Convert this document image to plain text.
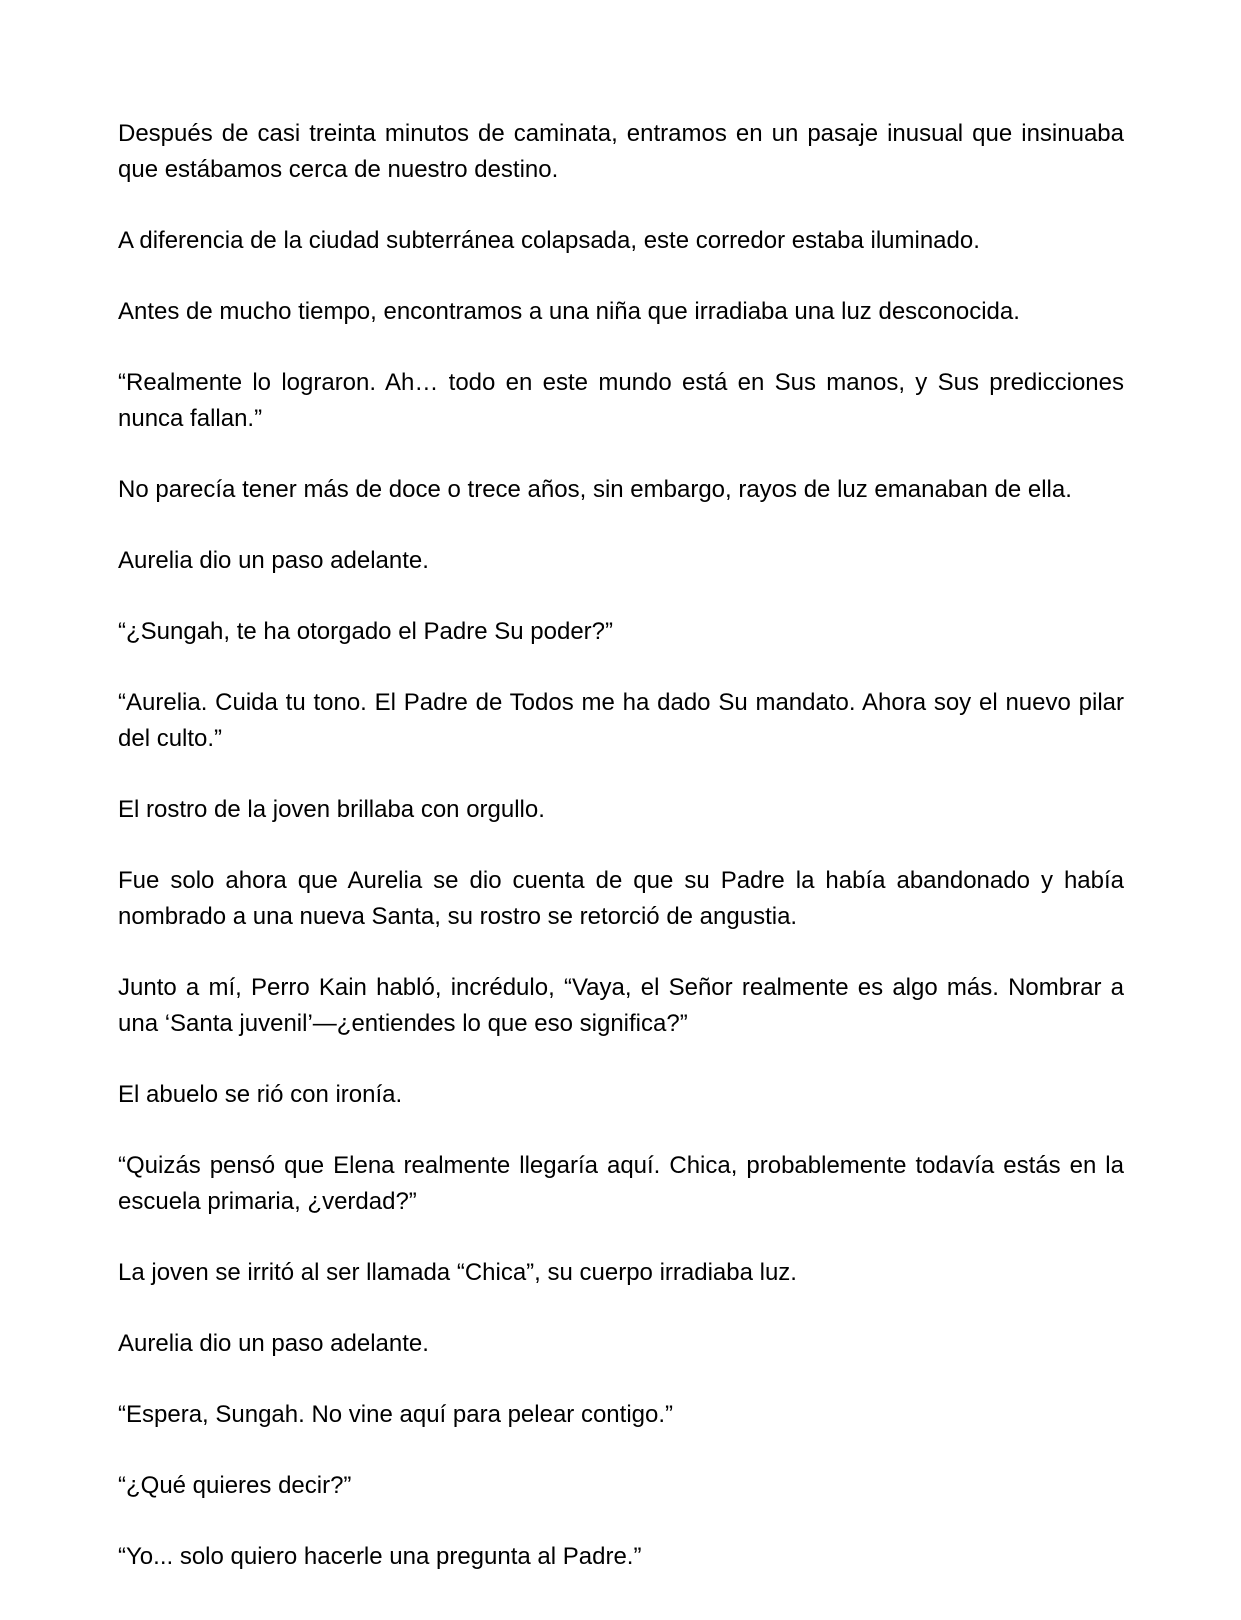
Después de casi treinta minutos de caminata, entramos en un pasaje inusual que insinuaba que estábamos cerca de nuestro destino.

A diferencia de la ciudad subterránea colapsada, este corredor estaba iluminado.

Antes de mucho tiempo, encontramos a una niña que irradiaba una luz desconocida.

“Realmente lo lograron. Ah… todo en este mundo está en Sus manos, y Sus predicciones nunca fallan.”

No parecía tener más de doce o trece años, sin embargo, rayos de luz emanaban de ella.

Aurelia dio un paso adelante.

“¿Sungah, te ha otorgado el Padre Su poder?”

“Aurelia. Cuida tu tono. El Padre de Todos me ha dado Su mandato. Ahora soy el nuevo pilar del culto.”

El rostro de la joven brillaba con orgullo.

Fue solo ahora que Aurelia se dio cuenta de que su Padre la había abandonado y había nombrado a una nueva Santa, su rostro se retorció de angustia.

Junto a mí, Perro Kain habló, incrédulo, “Vaya, el Señor realmente es algo más. Nombrar a una ‘Santa juvenil’—¿entiendes lo que eso significa?”

El abuelo se rió con ironía.

“Quizás pensó que Elena realmente llegaría aquí. Chica, probablemente todavía estás en la escuela primaria, ¿verdad?”

La joven se irritó al ser llamada “Chica”, su cuerpo irradiaba luz.

Aurelia dio un paso adelante.

“Espera, Sungah. No vine aquí para pelear contigo.”

“¿Qué quieres decir?”

“Yo... solo quiero hacerle una pregunta al Padre.”
